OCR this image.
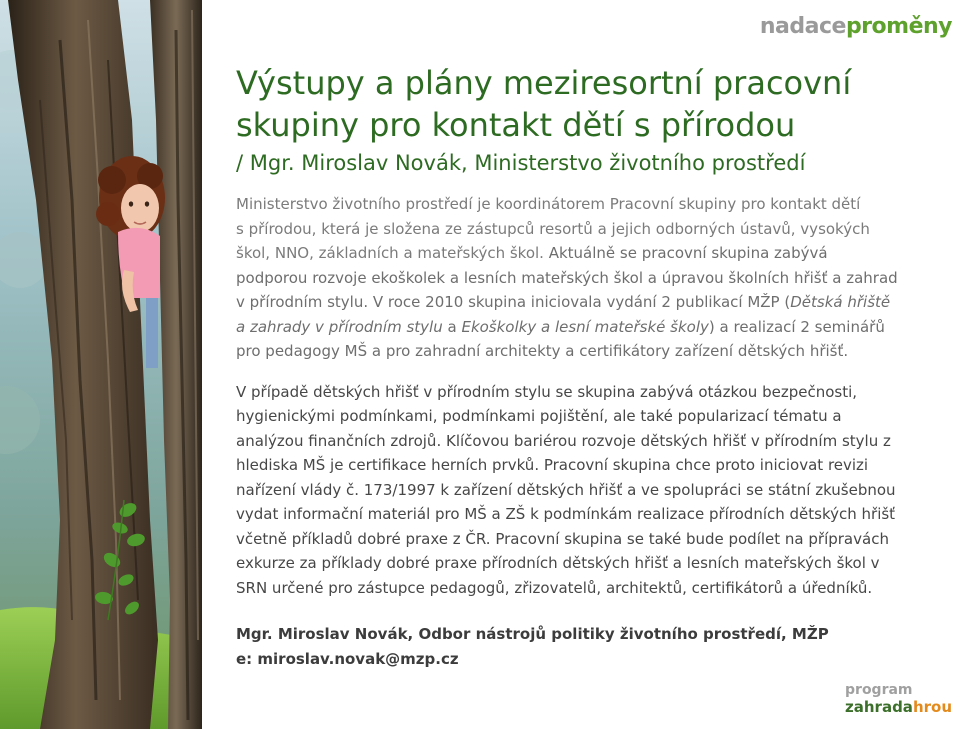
nadaceproměny
Výstupy a plány meziresortní pracovní
skupiny pro kontakt dětí s přírodou

/ Mgr. Miroslav Novák, Ministerstvo životního prostředí

Ministerstvo životního prostředí je koordinátorem Pracovní skupiny pro kontakt dětí
s přírodou, která je složena ze zástupců resortů a jejich odborných ústavů, vysokých
škol, NNO, základních a mateřských škol. Aktuálně se pracovní skupina zabývá
podporou rozvoje ekoškolek a lesních mateřských škol a úpravou školních hřišť a zahrad
v přírodním stylu. V roce 2010 skupina iniciovala vydání 2 publikací MŽP (Dětská hřiště
a zahrady v přírodním stylu a Ekoškolky a lesní mateřské školy) a realizací 2 seminářů
pro pedagogy MŠ a pro zahradní architekty a certifikátory zařízení dětských hřišť.

V případě dětských hřišť v přírodním stylu se skupina zabývá otázkou bezpečnosti,
hygienickými podmínkami, podmínkami pojištění, ale také popularizací tématu a
analýzou finančních zdrojů. Klíčovou bariérou rozvoje dětských hřišť v přírodním stylu z
hlediska MŠ je certifikace herních prvků. Pracovní skupina chce proto iniciovat revizi
nařízení vlády č. 173/1997 k zařízení dětských hřišť a ve spolupráci se státní zkušebnou
vydat informační materiál pro MŠ a ZŠ k podmínkám realizace přírodních dětských hřišť
včetně příkladů dobré praxe z ČR. Pracovní skupina se také bude podílet na přípravách
exkurze za příklady dobré praxe přírodních dětských hřišť a lesních mateřských škol v
SRN určené pro zástupce pedagogů, zřizovatelů, architektů, certifikátorů a úředníků.

Mgr. Miroslav Novák, Odbor nástrojů politiky životního prostředí, MŽP
e: miroslav.novak@mzp.cz
program
zahradahrou
